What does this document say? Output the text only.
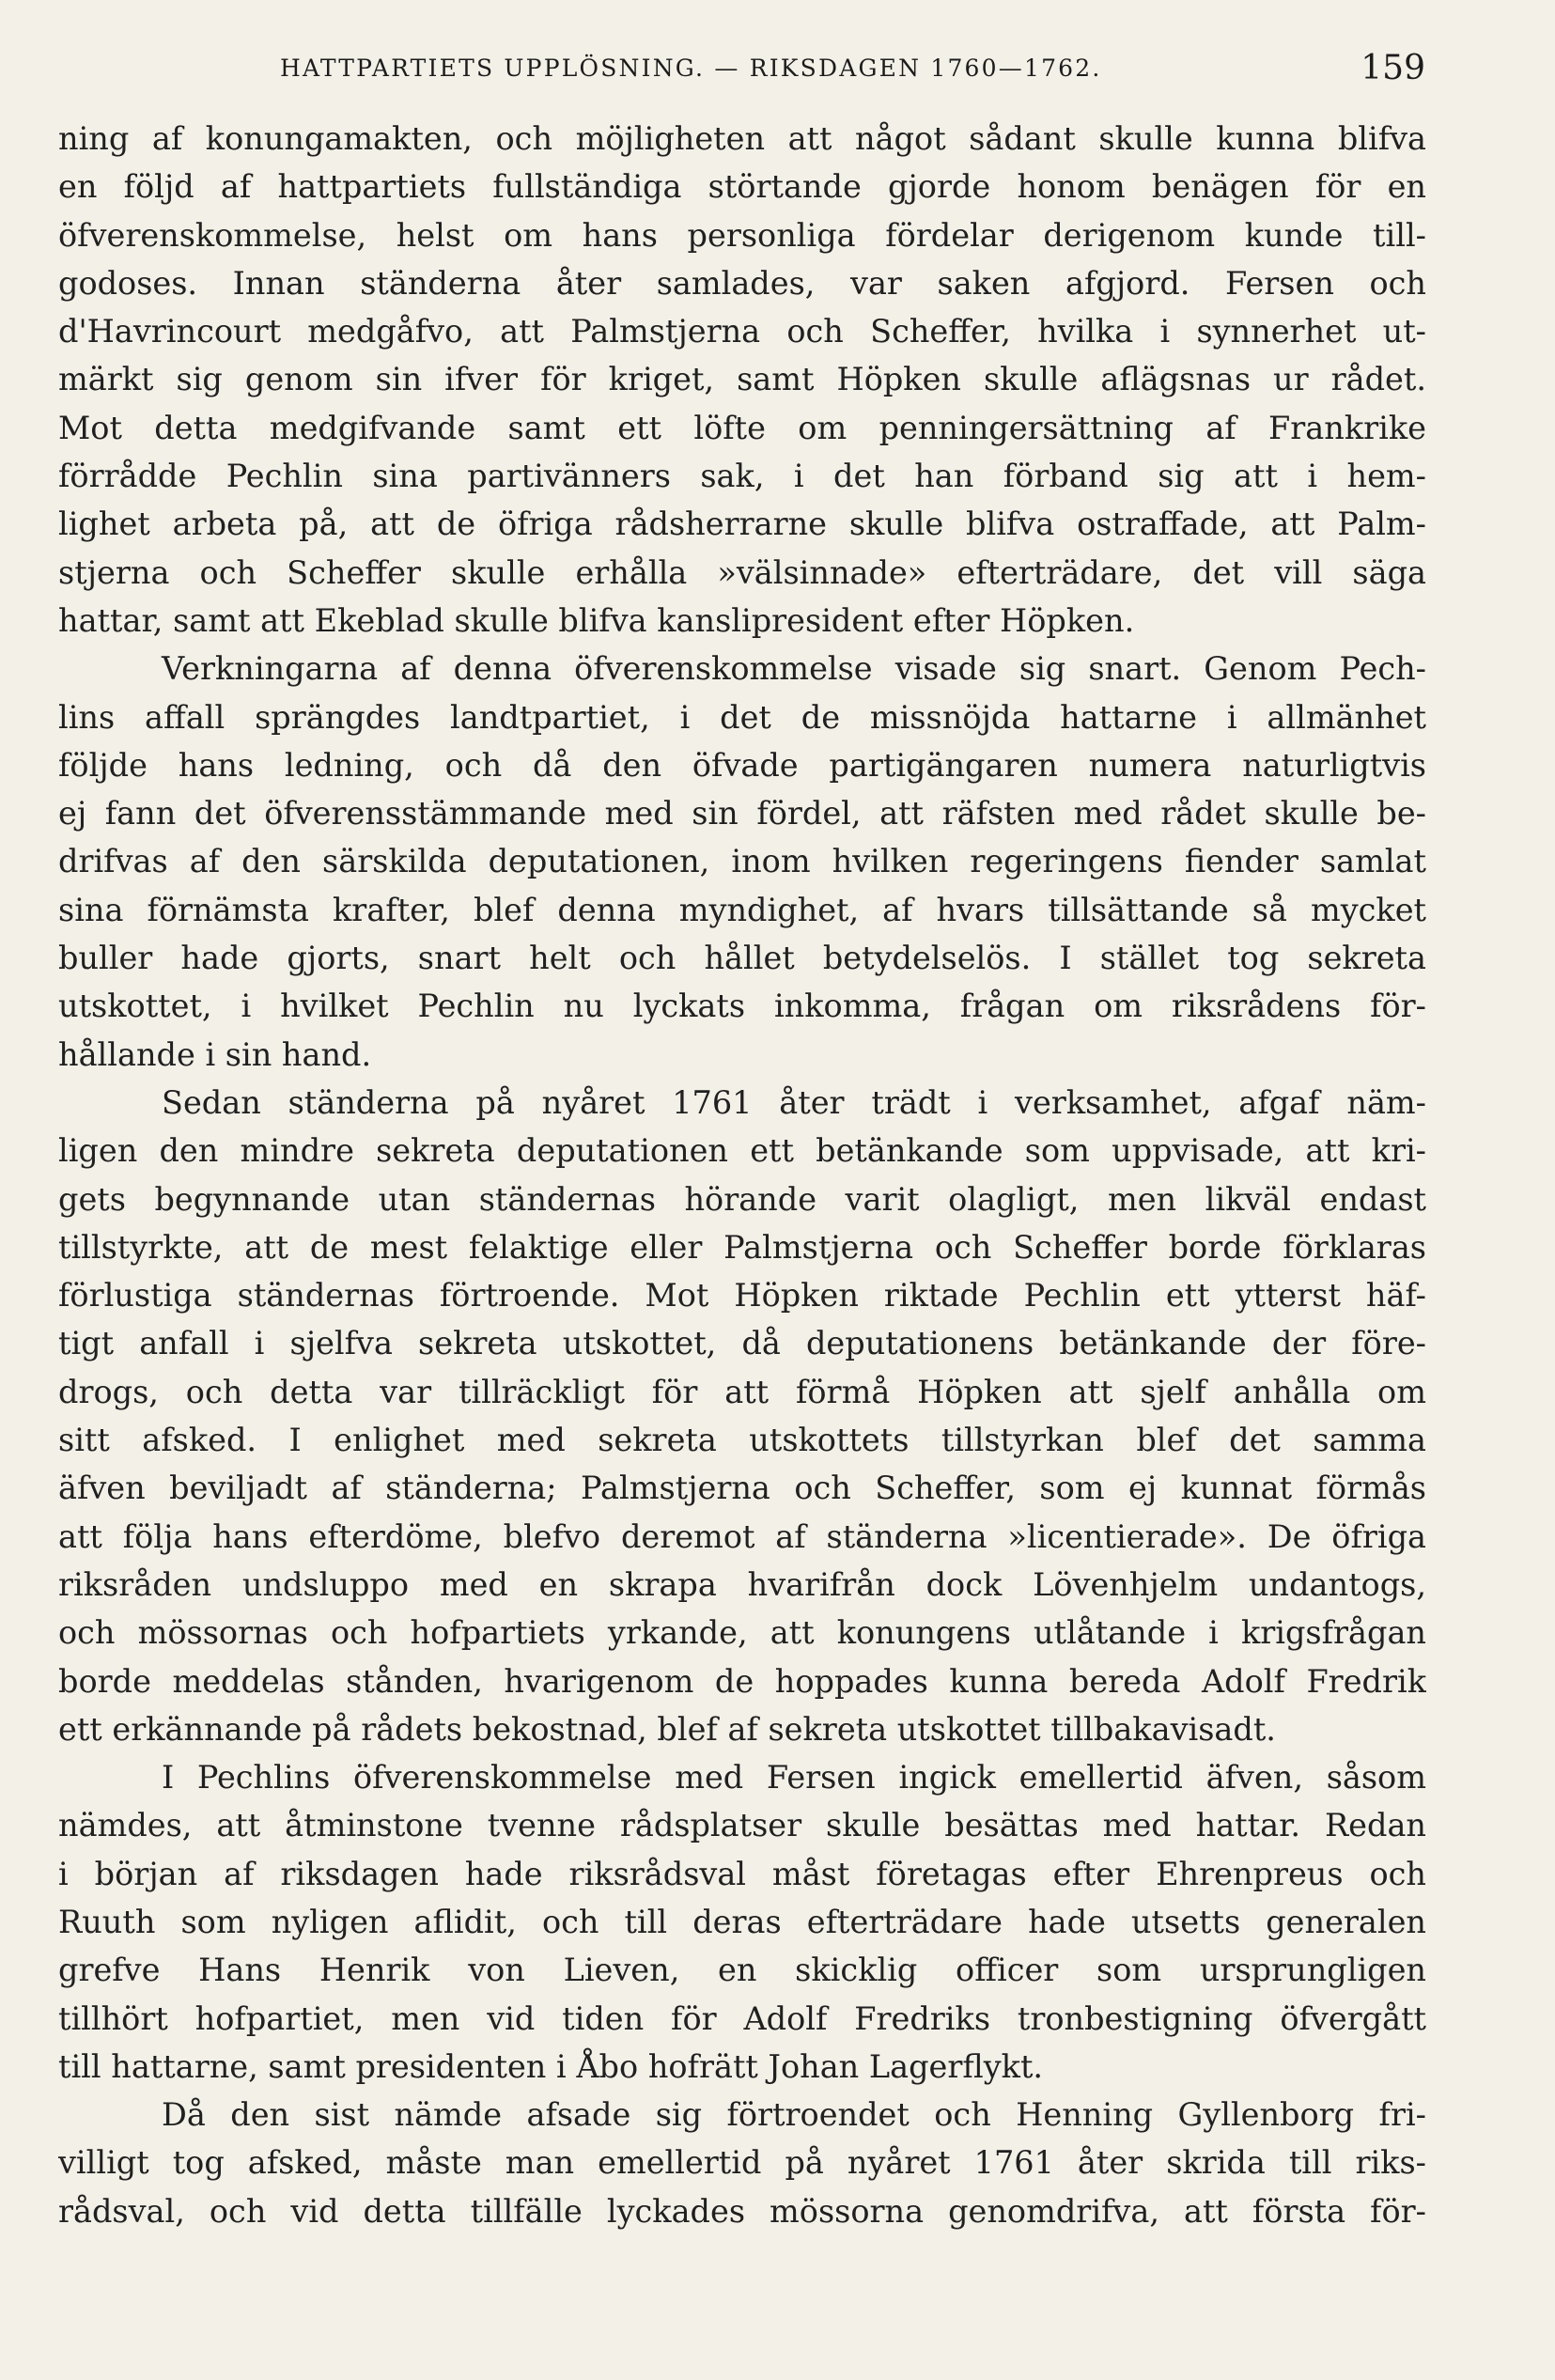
HATTPARTIETS UPPLÖSNING. — RIKSDAGEN 1760—1762.	159
ning af konungamakten, och möjligheten att något sådant skulle kunna blifva
en följd af hattpartiets fullständiga störtande gjorde honom benägen för en
öfverenskommelse, helst om hans personliga fördelar derigenom kunde till-
godoses. Innan ständerna åter samlades, var saken afgjord. Fersen och
d'Havrincourt medgåfvo, att Palmstjerna och Scheffer, hvilka i synnerhet ut-
märkt sig genom sin ifver för kriget, samt Höpken skulle aflägsnas ur rådet.
Mot detta medgifvande samt ett löfte om penningersättning af Frankrike
förrådde Pechlin sina partivänners sak, i det han förband sig att i hem-
lighet arbeta på, att de öfriga rådsherrarne skulle blifva ostraffade, att Palm-
stjerna och Scheffer skulle erhålla »välsinnade» efterträdare, det vill säga
hattar, samt att Ekeblad skulle blifva kanslipresident efter Höpken.
Verkningarna af denna öfverenskommelse visade sig snart. Genom Pech-
lins affall sprängdes landtpartiet, i det de missnöjda hattarne i allmänhet
följde hans ledning, och då den öfvade partigängaren numera naturligtvis
ej fann det öfverensstämmande med sin fördel, att räfsten med rådet skulle be-
drifvas af den särskilda deputationen, inom hvilken regeringens fiender samlat
sina förnämsta krafter, blef denna myndighet, af hvars tillsättande så mycket
buller hade gjorts, snart helt och hållet betydelselös. I stället tog sekreta
utskottet, i hvilket Pechlin nu lyckats inkomma, frågan om riksrådens för-
hållande i sin hand.
Sedan ständerna på nyåret 1761 åter trädt i verksamhet, afgaf näm-
ligen den mindre sekreta deputationen ett betänkande som uppvisade, att kri-
gets begynnande utan ständernas hörande varit olagligt, men likväl endast
tillstyrkte, att de mest felaktige eller Palmstjerna och Scheffer borde förklaras
förlustiga ständernas förtroende. Mot Höpken riktade Pechlin ett ytterst häf-
tigt anfall i sjelfva sekreta utskottet, då deputationens betänkande der före-
drogs, och detta var tillräckligt för att förmå Höpken att sjelf anhålla om
sitt afsked. I enlighet med sekreta utskottets tillstyrkan blef det samma
äfven beviljadt af ständerna; Palmstjerna och Scheffer, som ej kunnat förmås
att följa hans efterdöme, blefvo deremot af ständerna »licentierade». De öfriga
riksråden undsluppo med en skrapa hvarifrån dock Lövenhjelm undantogs,
och mössornas och hofpartiets yrkande, att konungens utlåtande i krigsfrågan
borde meddelas stånden, hvarigenom de hoppades kunna bereda Adolf Fredrik
ett erkännande på rådets bekostnad, blef af sekreta utskottet tillbakavisadt.
I Pechlins öfverenskommelse med Fersen ingick emellertid äfven, såsom
nämdes, att åtminstone tvenne rådsplatser skulle besättas med hattar. Redan
i början af riksdagen hade riksrådsval måst företagas efter Ehrenpreus och
Ruuth som nyligen aflidit, och till deras efterträdare hade utsetts generalen
grefve Hans Henrik von Lieven, en skicklig officer som ursprungligen
tillhört hofpartiet, men vid tiden för Adolf Fredriks tronbestigning öfvergått
till hattarne, samt presidenten i Åbo hofrätt Johan Lagerflykt.
Då den sist nämde afsade sig förtroendet och Henning Gyllenborg fri-
villigt tog afsked, måste man emellertid på nyåret 1761 åter skrida till riks-
rådsval, och vid detta tillfälle lyckades mössorna genomdrifva, att första för-
